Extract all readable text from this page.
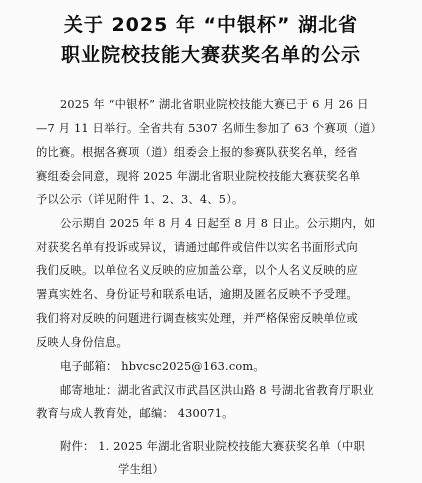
关于 2025 年 “中银杯” 湖北省
职业院校技能大赛获奖名单的公示
2025 年 “中银杯” 湖北省职业院校技能大赛已于 6 月 26 日
—7 月 11 日举行。全省共有 5307 名师生参加了 63 个赛项（道）
的比赛。根据各赛项（道）组委会上报的参赛队获奖名单，经省
赛组委会同意，现将 2025 年湖北省职业院校技能大赛获奖名单
予以公示（详见附件 1、2、3、4、5）。
公示期自 2025 年 8 月 4 日起至 8 月 8 日止。公示期内，如
对获奖名单有投诉或异议，请通过邮件或信件以实名书面形式向
我们反映。以单位名义反映的应加盖公章，以个人名义反映的应
署真实姓名、身份证号和联系电话，逾期及匿名反映不予受理。
我们将对反映的问题进行调查核实处理，并严格保密反映单位或
反映人身份信息。
电子邮箱： hbvcsc2025@163.com。
邮寄地址：湖北省武汉市武昌区洪山路 8 号湖北省教育厅职业
教育与成人教育处，邮编： 430071。
附件： 1. 2025 年湖北省职业院校技能大赛获奖名单（中职
学生组）
